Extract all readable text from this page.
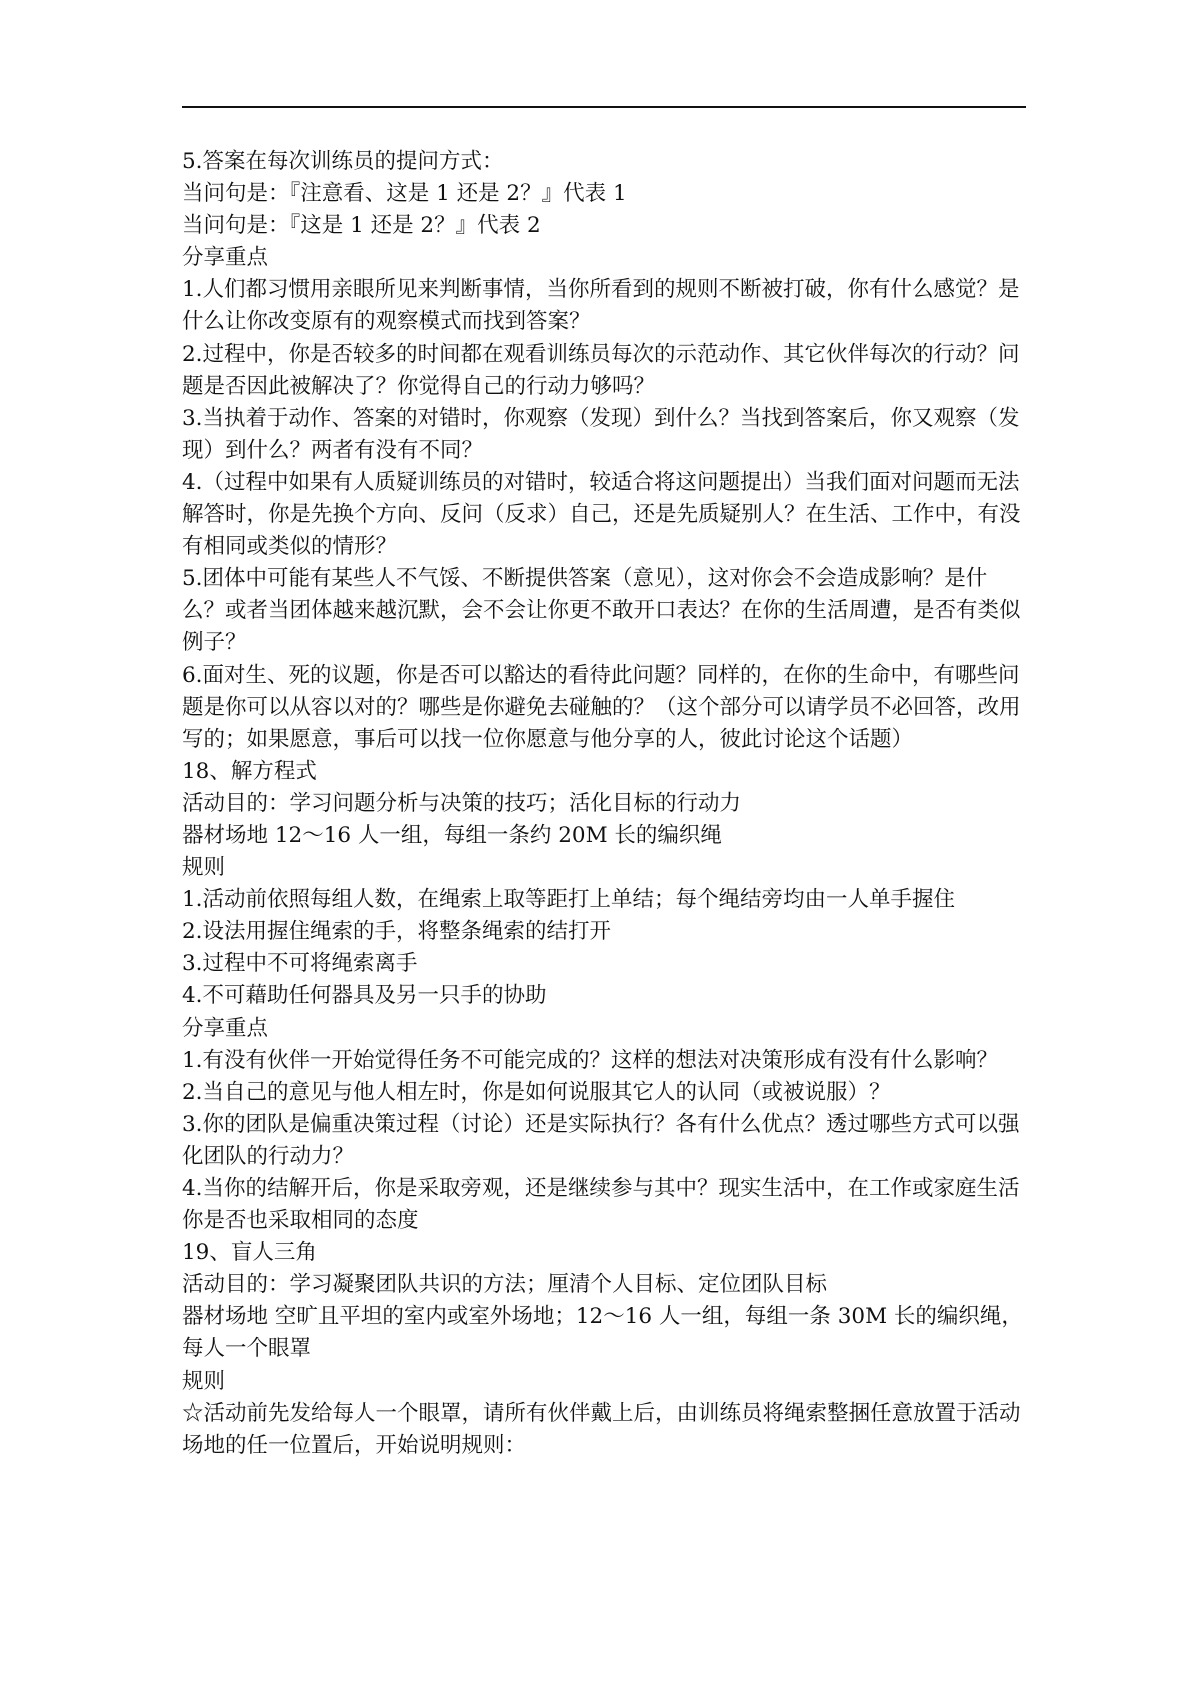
5.答案在每次训练员的提问方式：

当问句是：『注意看、这是 1 还是 2？』代表 1

当问句是：『这是 1 还是 2？』代表 2

分享重点

1.人们都习惯用亲眼所见来判断事情，当你所看到的规则不断被打破，你有什么感觉？是什么让你改变原有的观察模式而找到答案？

2.过程中，你是否较多的时间都在观看训练员每次的示范动作、其它伙伴每次的行动？问题是否因此被解决了？你觉得自己的行动力够吗？

3.当执着于动作、答案的对错时，你观察（发现）到什么？当找到答案后，你又观察（发现）到什么？两者有没有不同？

4.（过程中如果有人质疑训练员的对错时，较适合将这问题提出）当我们面对问题而无法解答时，你是先换个方向、反问（反求）自己，还是先质疑别人？在生活、工作中，有没有相同或类似的情形？

5.团体中可能有某些人不气馁、不断提供答案（意见），这对你会不会造成影响？是什么？或者当团体越来越沉默，会不会让你更不敢开口表达？在你的生活周遭，是否有类似例子？

6.面对生、死的议题，你是否可以豁达的看待此问题？同样的，在你的生命中，有哪些问题是你可以从容以对的？哪些是你避免去碰触的？（这个部分可以请学员不必回答，改用写的；如果愿意，事后可以找一位你愿意与他分享的人，彼此讨论这个话题）

18、解方程式

活动目的：学习问题分析与决策的技巧；活化目标的行动力

器材场地 12～16 人一组，每组一条约 20M 长的编织绳

规则

1.活动前依照每组人数，在绳索上取等距打上单结；每个绳结旁均由一人单手握住

2.设法用握住绳索的手，将整条绳索的结打开

3.过程中不可将绳索离手

4.不可藉助任何器具及另一只手的协助

分享重点

1.有没有伙伴一开始觉得任务不可能完成的？这样的想法对决策形成有没有什么影响？

2.当自己的意见与他人相左时，你是如何说服其它人的认同（或被说服）？

3.你的团队是偏重决策过程（讨论）还是实际执行？各有什么优点？透过哪些方式可以强化团队的行动力？

4.当你的结解开后，你是采取旁观，还是继续参与其中？现实生活中，在工作或家庭生活你是否也采取相同的态度

19、盲人三角

活动目的：学习凝聚团队共识的方法；厘清个人目标、定位团队目标

器材场地 空旷且平坦的室内或室外场地；12～16 人一组，每组一条 30M 长的编织绳，每人一个眼罩

规则

☆活动前先发给每人一个眼罩，请所有伙伴戴上后，由训练员将绳索整捆任意放置于活动场地的任一位置后，开始说明规则：
